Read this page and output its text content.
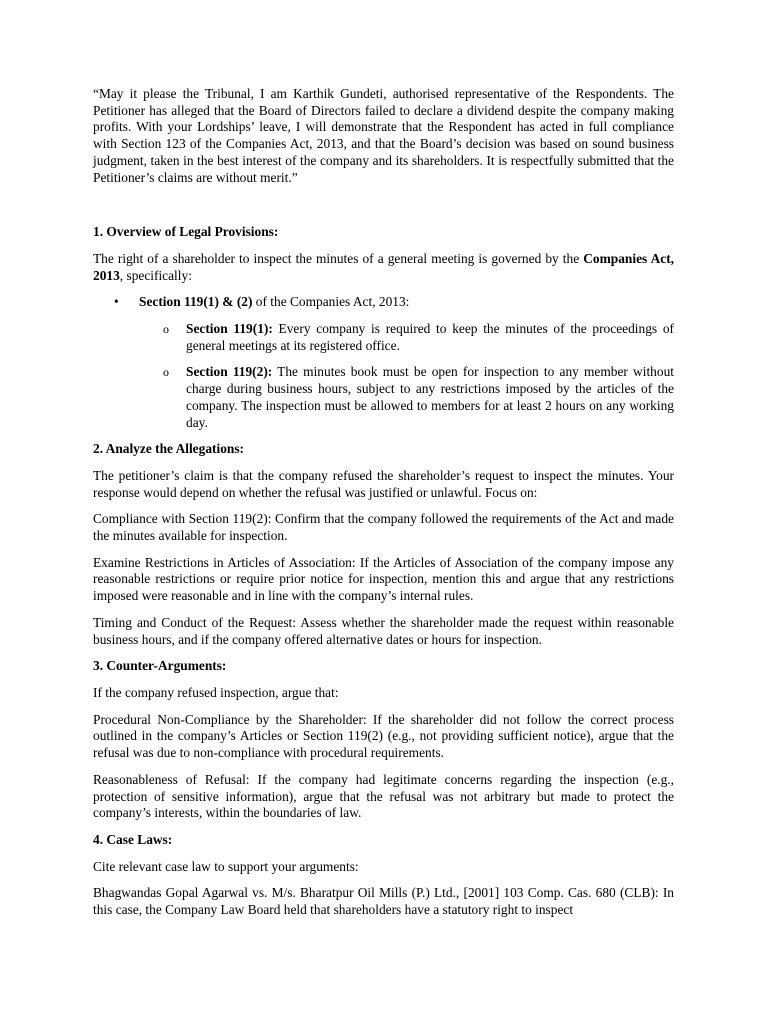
“May it please the Tribunal, I am Karthik Gundeti, authorised representative of the Respondents. The Petitioner has alleged that the Board of Directors failed to declare a dividend despite the company making profits. With your Lordships’ leave, I will demonstrate that the Respondent has acted in full compliance with Section 123 of the Companies Act, 2013, and that the Board’s decision was based on sound business judgment, taken in the best interest of the company and its shareholders. It is respectfully submitted that the Petitioner’s claims are without merit.”

1. Overview of Legal Provisions:

The right of a shareholder to inspect the minutes of a general meeting is governed by the Companies Act, 2013, specifically:

• Section 119(1) & (2) of the Companies Act, 2013:
o Section 119(1): Every company is required to keep the minutes of the proceedings of general meetings at its registered office.
o Section 119(2): The minutes book must be open for inspection to any member without charge during business hours, subject to any restrictions imposed by the articles of the company. The inspection must be allowed to members for at least 2 hours on any working day.

2. Analyze the Allegations:

The petitioner’s claim is that the company refused the shareholder’s request to inspect the minutes. Your response would depend on whether the refusal was justified or unlawful. Focus on:

Compliance with Section 119(2): Confirm that the company followed the requirements of the Act and made the minutes available for inspection.

Examine Restrictions in Articles of Association: If the Articles of Association of the company impose any reasonable restrictions or require prior notice for inspection, mention this and argue that any restrictions imposed were reasonable and in line with the company’s internal rules.

Timing and Conduct of the Request: Assess whether the shareholder made the request within reasonable business hours, and if the company offered alternative dates or hours for inspection.

3. Counter-Arguments:

If the company refused inspection, argue that:

Procedural Non-Compliance by the Shareholder: If the shareholder did not follow the correct process outlined in the company’s Articles or Section 119(2) (e.g., not providing sufficient notice), argue that the refusal was due to non-compliance with procedural requirements.

Reasonableness of Refusal: If the company had legitimate concerns regarding the inspection (e.g., protection of sensitive information), argue that the refusal was not arbitrary but made to protect the company’s interests, within the boundaries of law.

4. Case Laws:

Cite relevant case law to support your arguments:

Bhagwandas Gopal Agarwal vs. M/s. Bharatpur Oil Mills (P.) Ltd., [2001] 103 Comp. Cas. 680 (CLB): In this case, the Company Law Board held that shareholders have a statutory right to inspect
